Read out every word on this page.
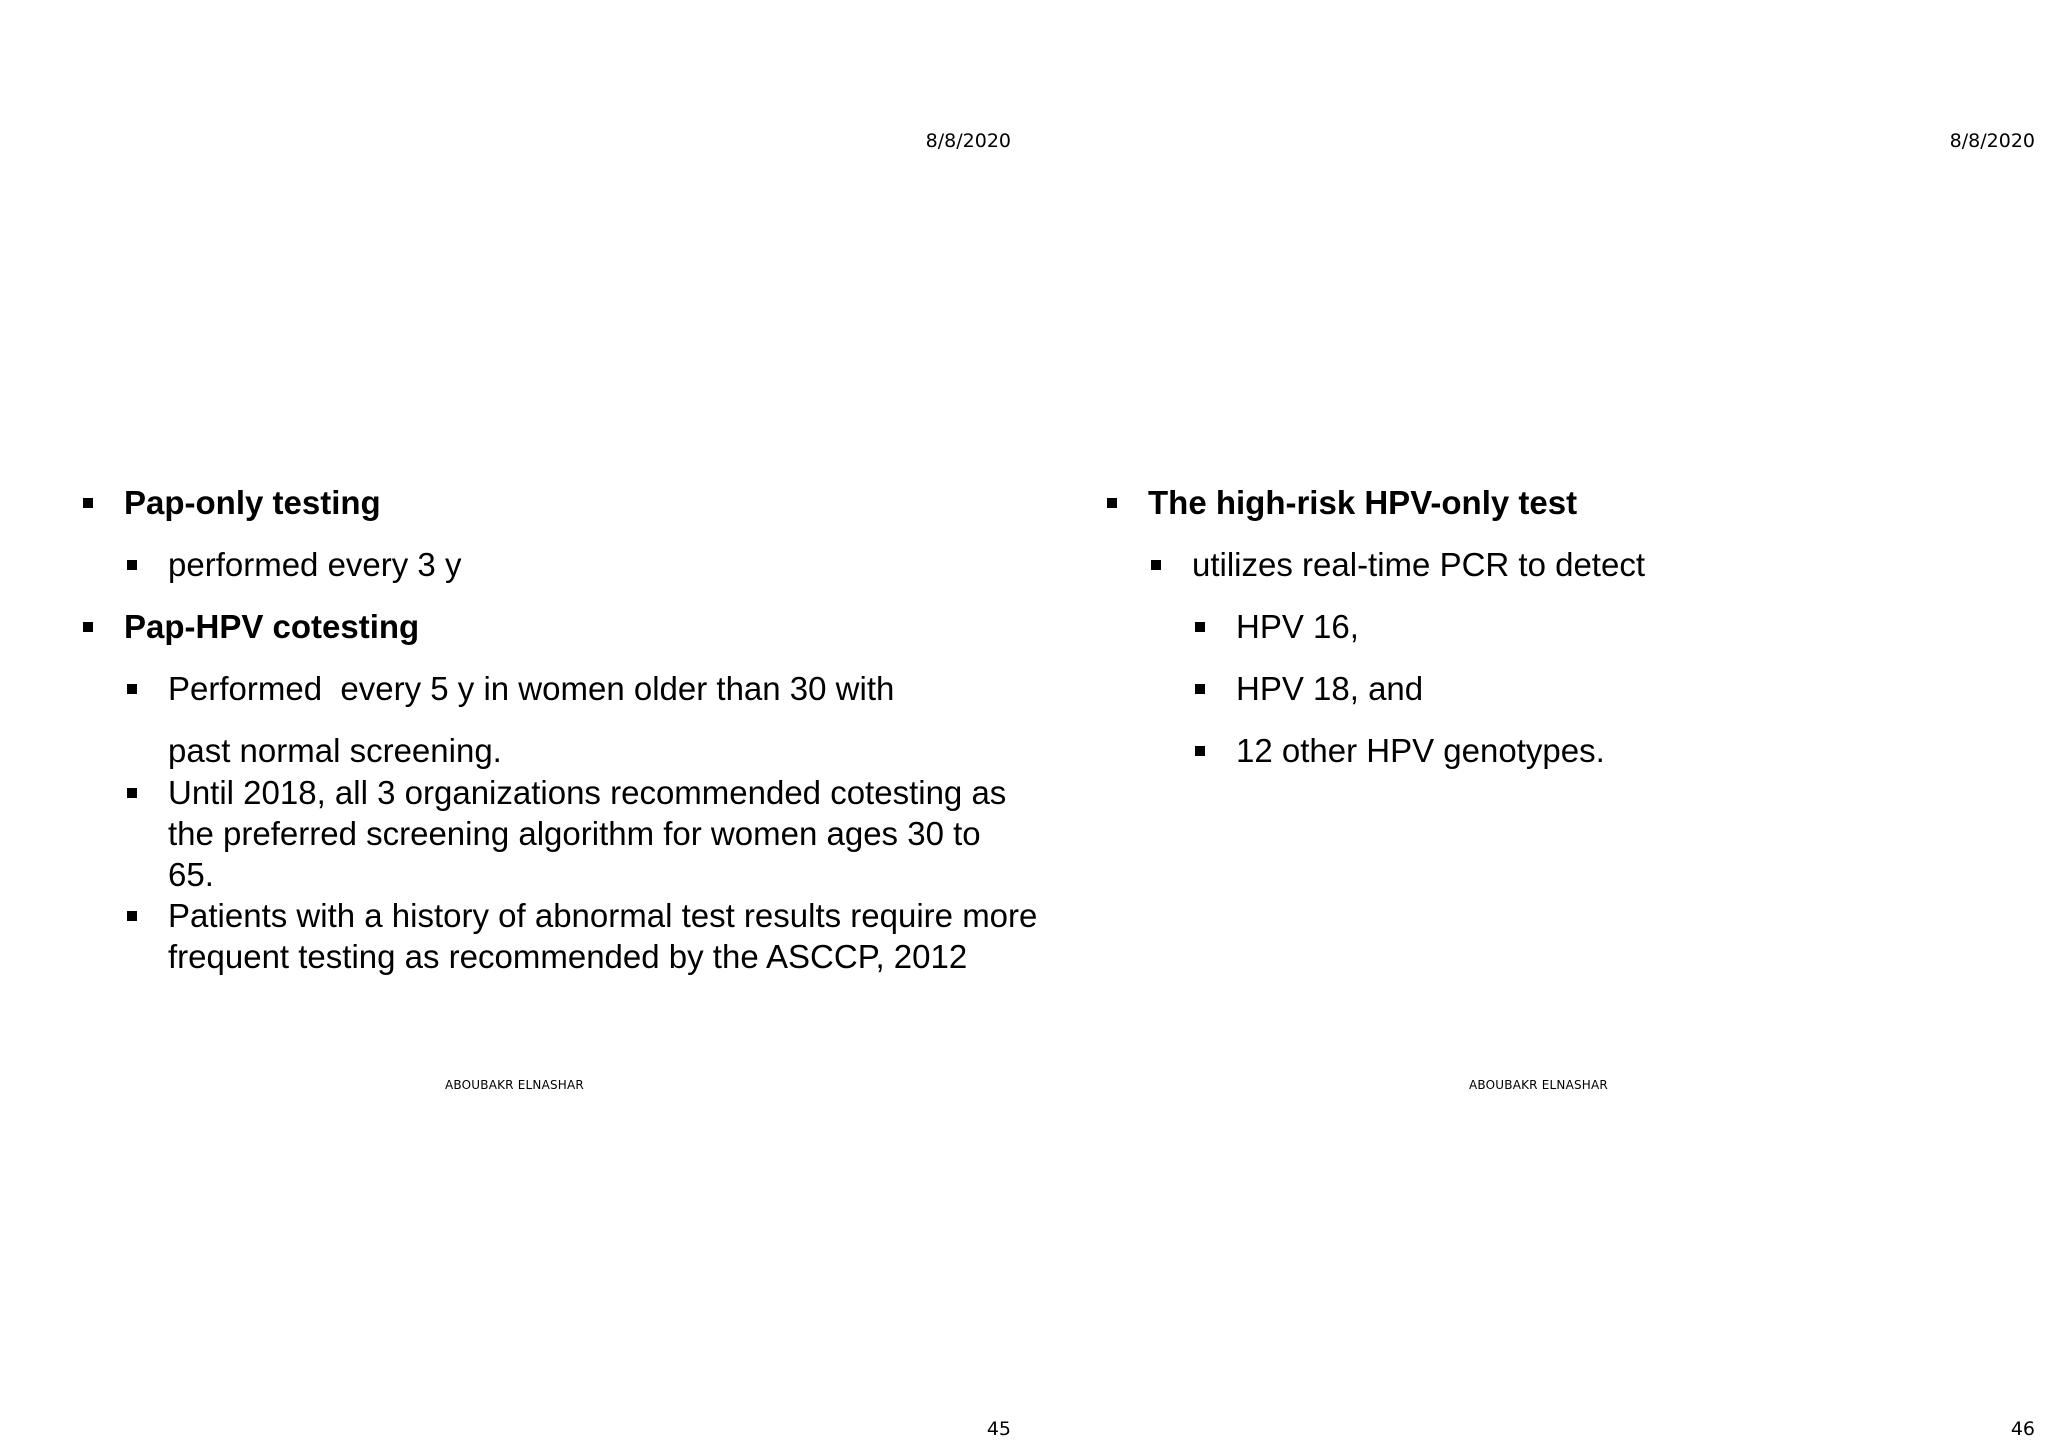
8/8/2020
Pap-only testing
performed every 3 y
Pap-HPV cotesting
Performed  every 5 y in women older than 30 with
past normal screening.
Until 2018, all 3 organizations recommended cotesting as the preferred screening algorithm for women ages 30 to 65.
Patients with a history of abnormal test results require more frequent testing as recommended by the ASCCP, 2012
ABOUBAKR ELNASHAR
45
8/8/2020
The high-risk HPV-only test
utilizes real-time PCR to detect
HPV 16,
HPV 18, and
12 other HPV genotypes.
ABOUBAKR ELNASHAR
46
